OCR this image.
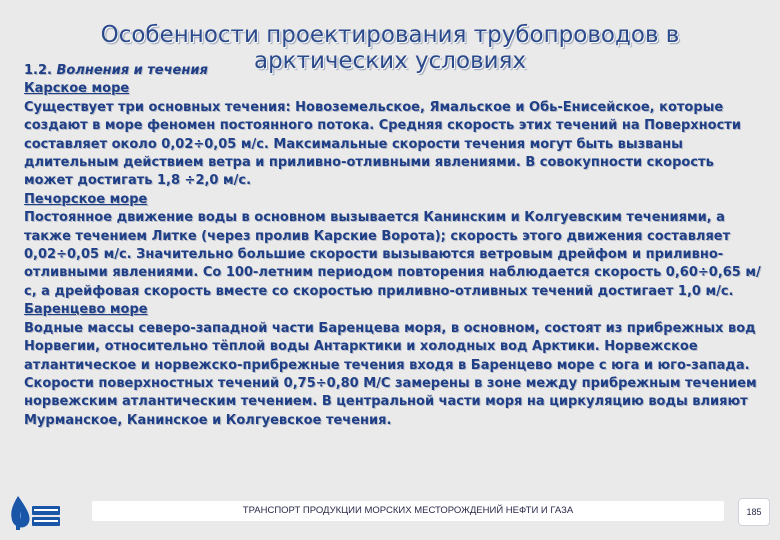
Особенности проектирования трубопроводов в арктических условиях

1.2. Волнения и течения

Карское море

Существует три основных течения: Новоземельское, Ямальское и Обь-Енисейское, которые создают в море феномен постоянного потока. Средняя скорость этих течений на Поверхности составляет около 0,02÷0,05 м/с. Максимальные скорости течения могут быть вызваны длительным действием ветра и приливно-отливными явлениями. В совокупности скорость может достигать 1,8 ÷2,0 м/с.

Печорское море

Постоянное движение воды в основном вызывается Канинским и Колгуевским течениями, а также течением Литке (через пролив Карские Ворота); скорость этого движения составляет 0,02÷0,05 м/с. Значительно большие скорости вызываются ветровым дрейфом и приливно-отливными явлениями. Со 100-летним периодом повторения наблюдается скорость 0,60÷0,65 м/с, а дрейфовая скорость вместе со скоростью приливно-отливных течений достигает 1,0 м/с.

Баренцево море

Водные массы северо-западной части Баренцева моря, в основном, состоят из прибрежных вод Норвегии, относительно тёплой воды Антарктики и холодных вод Арктики. Норвежское атлантическое и норвежско-прибрежные течения входя в Баренцево море с юга и юго-запада. Скорости поверхностных течений 0,75÷0,80 М/С замерены в зоне между прибрежным течением норвежским атлантическим течением. В центральной части моря на циркуляцию воды влияют Мурманское, Канинское и Колгуевское течения.

ТРАНСПОРТ ПРОДУКЦИИ МОРСКИХ МЕСТОРОЖДЕНИЙ НЕФТИ И ГАЗА	185
